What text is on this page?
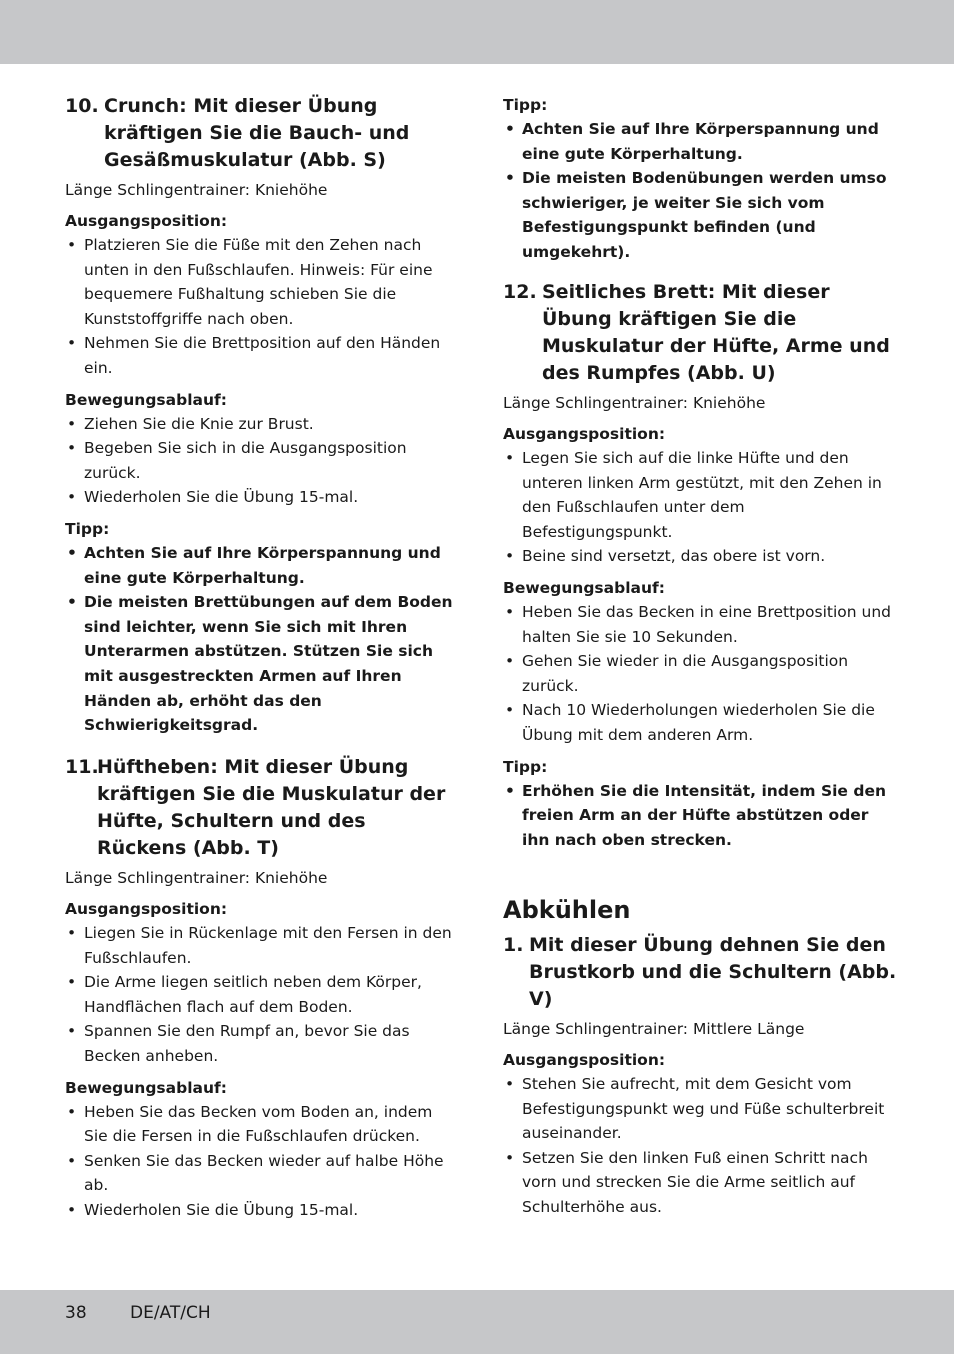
10. Crunch: Mit dieser Übung kräftigen Sie die Bauch- und Gesäßmuskulatur (Abb. S)
Länge Schlingentrainer: Kniehöhe
Ausgangsposition:
• Platzieren Sie die Füße mit den Zehen nach unten in den Fußschlaufen. Hinweis: Für eine bequemere Fußhaltung schieben Sie die Kunststoffgriffe nach oben.
• Nehmen Sie die Brettposition auf den Händen ein.
Bewegungsablauf:
• Ziehen Sie die Knie zur Brust.
• Begeben Sie sich in die Ausgangsposition zurück.
• Wiederholen Sie die Übung 15-mal.
Tipp:
• Achten Sie auf Ihre Körperspannung und eine gute Körperhaltung.
• Die meisten Brettübungen auf dem Boden sind leichter, wenn Sie sich mit Ihren Unterarmen abstützen. Stützen Sie sich mit ausgestreckten Armen auf Ihren Händen ab, erhöht das den Schwierigkeitsgrad.
11.
Hüftheben: Mit dieser Übung kräftigen Sie die Muskulatur der Hüfte, Schultern und des Rückens (Abb. T)
Länge Schlingentrainer: Kniehöhe
Ausgangsposition:
• Liegen Sie in Rückenlage mit den Fersen in den Fußschlaufen.
• Die Arme liegen seitlich neben dem Körper, Handflächen flach auf dem Boden.
• Spannen Sie den Rumpf an, bevor Sie das Becken anheben.
Bewegungsablauf:
• Heben Sie das Becken vom Boden an, indem Sie die Fersen in die Fußschlaufen drücken.
• Senken Sie das Becken wieder auf halbe Höhe ab.
• Wiederholen Sie die Übung 15-mal.
Tipp:
• Achten Sie auf Ihre Körperspannung und eine gute Körperhaltung.
• Die meisten Bodenübungen werden umso schwieriger, je weiter Sie sich vom Befestigungspunkt befinden (und umgekehrt).
12. Seitliches Brett: Mit dieser Übung kräftigen Sie die Muskulatur der Hüfte, Arme und des Rumpfes (Abb. U)
Länge Schlingentrainer: Kniehöhe
Ausgangsposition:
• Legen Sie sich auf die linke Hüfte und den unteren linken Arm gestützt, mit den Zehen in den Fußschlaufen unter dem Befestigungspunkt.
• Beine sind versetzt, das obere ist vorn.
Bewegungsablauf:
• Heben Sie das Becken in eine Brettposition und halten Sie sie 10 Sekunden.
• Gehen Sie wieder in die Ausgangsposition zurück.
• Nach 10 Wiederholungen wiederholen Sie die Übung mit dem anderen Arm.
Tipp:
• Erhöhen Sie die Intensität, indem Sie den freien Arm an der Hüfte abstützen oder ihn nach oben strecken.
Abkühlen
1. Mit dieser Übung dehnen Sie den Brustkorb und die Schultern (Abb. V)
Länge Schlingentrainer: Mittlere Länge
Ausgangsposition:
• Stehen Sie aufrecht, mit dem Gesicht vom Befestigungspunkt weg und Füße schulterbreit auseinander.
• Setzen Sie den linken Fuß einen Schritt nach vorn und strecken Sie die Arme seitlich auf Schulterhöhe aus.
38	DE/AT/CH
